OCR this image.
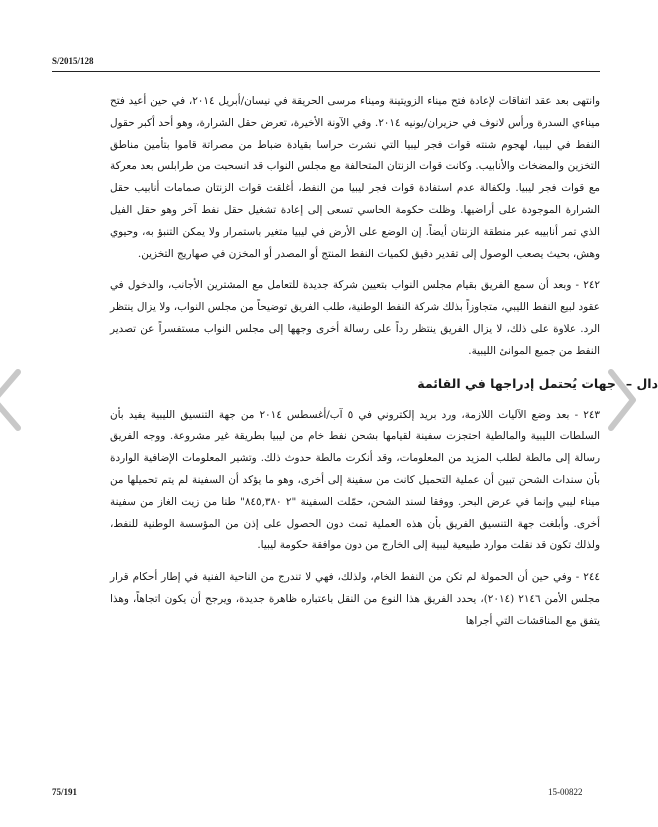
S/2015/128

وانتهى بعد عقد اتفاقات لإعادة فتح ميناء الزويتينة وميناء مرسى الحريقة في نيسان/أبريل ٢٠١٤، في حين أعيد فتح ميناءي السدرة ورأس لانوف في حزيران/يونيه ٢٠١٤. وفي الآونة الأخيرة، تعرض حقل الشرارة، وهو أحد أكبر حقول النفط في ليبيا، لهجوم شنته قوات فجر ليبيا التي نشرت حراسا بقيادة ضباط من مصراتة قاموا بتأمين مناطق التخزين والمضخات والأنابيب. وكانت قوات الزنتان المتحالفة مع مجلس النواب قد انسحبت من طرابلس بعد معركة مع قوات فجر ليبيا. ولكفالة عدم استفادة قوات فجر ليبيا من النفط، أغلقت قوات الزنتان صمامات أنابيب حقل الشرارة الموجودة على أراضيها. وظلت حكومة الحاسي تسعى إلى إعادة تشغيل حقل نفط آخر وهو حقل الفيل الذي تمر أنابيبه عبر منطقة الزنتان أيضاً. إن الوضع على الأرض في ليبيا متغير باستمرار ولا يمكن التنبؤ به، وحيوي وهش، بحيث يصعب الوصول إلى تقدير دقيق لكميات النفط المنتج أو المصدر أو المخزن في صهاريج التخزين.

٢٤٢ - وبعد أن سمع الفريق بقيام مجلس النواب بتعيين شركة جديدة للتعامل مع المشترين الأجانب، والدخول في عقود لبيع النفط الليبي، متجاوزاً بذلك شركة النفط الوطنية، طلب الفريق توضيحاً من مجلس النواب، ولا يزال ينتظر الرد. علاوة على ذلك، لا يزال الفريق ينتظر رداً على رسالة أخرى وجهها إلى مجلس النواب مستفسراً عن تصدير النفط من جميع الموانئ الليبية.

دال –
جهات يُحتمل إدراجها في القائمة

٢٤٣ - بعد وضع الآليات اللازمة، ورد بريد إلكتروني في ٥ آب/أغسطس ٢٠١٤ من جهة التنسيق الليبية يفيد بأن السلطات الليبية والمالطية احتجزت سفينة لقيامها بشحن نفط خام من ليبيا بطريقة غير مشروعة. ووجه الفريق رسالة إلى مالطة لطلب المزيد من المعلومات، وقد أنكرت مالطة حدوث ذلك. وتشير المعلومات الإضافية الواردة بأن سندات الشحن تبين أن عملية التحميل كانت من سفينة إلى أخرى، وهو ما يؤكد أن السفينة لم يتم تحميلها من ميناء ليبي وإنما في عرض البحر. ووفقا لسند الشحن، حمّلت السفينة "٢ ٨٤٥,٣٨٠" طنا من زيت الغاز من سفينة أخرى. وأبلغت جهة التنسيق الفريق بأن هذه العملية تمت دون الحصول على إذن من المؤسسة الوطنية للنفط، ولذلك تكون قد نقلت موارد طبيعية ليبية إلى الخارج من دون موافقة حكومة ليبيا.

٢٤٤ - وفي حين أن الحمولة لم تكن من النفط الخام، ولذلك، فهي لا تندرج من الناحية الفنية في إطار أحكام قرار مجلس الأمن ٢١٤٦ (٢٠١٤)، يحدد الفريق هذا النوع من النقل باعتباره ظاهرة جديدة، ويرجح أن يكون اتجاهاً، وهذا يتفق مع المناقشات التي أجراها

75/191	15-00822
